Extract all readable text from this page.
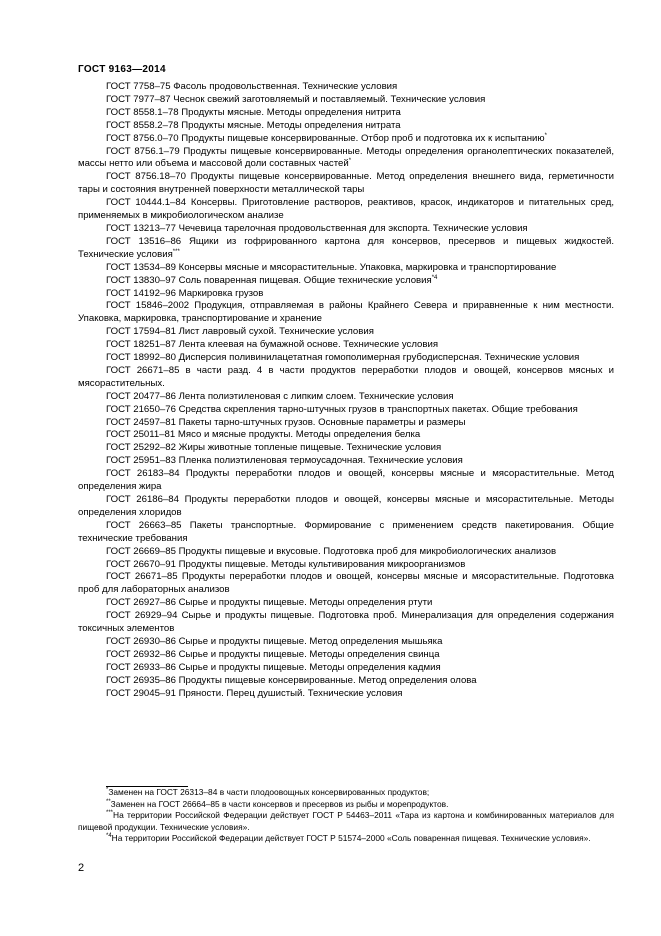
ГОСТ 9163—2014

ГОСТ 7758–75 Фасоль продовольственная. Технические условия

ГОСТ 7977–87 Чеснок свежий заготовляемый и поставляемый. Технические условия

ГОСТ 8558.1–78 Продукты мясные. Методы определения нитрита

ГОСТ 8558.2–78 Продукты мясные. Методы определения нитрата

ГОСТ 8756.0–70 Продукты пищевые консервированные. Отбор проб и подготовка их к испытанию*

ГОСТ 8756.1–79 Продукты пищевые консервированные. Методы определения органолептических показателей, массы нетто или объема и массовой доли составных частей*

ГОСТ 8756.18–70 Продукты пищевые консервированные. Метод определения внешнего вида, герметичности тары и состояния внутренней поверхности металлической тары

ГОСТ 10444.1–84 Консервы. Приготовление растворов, реактивов, красок, индикаторов и питательных сред, применяемых в микробиологическом анализе

ГОСТ 13213–77 Чечевица тарелочная продовольственная для экспорта. Технические условия

ГОСТ 13516–86 Ящики из гофрированного картона для консервов, пресервов и пищевых жидкостей. Технические условия***

ГОСТ 13534–89 Консервы мясные и мясорастительные. Упаковка, маркировка и транспортирование

ГОСТ 13830–97 Соль поваренная пищевая. Общие технические условия$^{*4}$

ГОСТ 14192–96 Маркировка грузов

ГОСТ 15846–2002 Продукция, отправляемая в районы Крайнего Севера и приравненные к ним местности. Упаковка, маркировка, транспортирование и хранение

ГОСТ 17594–81 Лист лавровый сухой. Технические условия

ГОСТ 18251–87 Лента клеевая на бумажной основе. Технические условия

ГОСТ 18992–80 Дисперсия поливинилацетатная гомополимерная грубодисперсная. Технические условия

ГОСТ 26671–85 в части разд. 4 в части продуктов переработки плодов и овощей, консервов мясных и мясорастительных.

ГОСТ 20477–86 Лента полиэтиленовая с липким слоем. Технические условия

ГОСТ 21650–76 Средства скрепления тарно-штучных грузов в транспортных пакетах. Общие требования

ГОСТ 24597–81 Пакеты тарно-штучных грузов. Основные параметры и размеры

ГОСТ 25011–81 Мясо и мясные продукты. Методы определения белка

ГОСТ 25292–82 Жиры животные топленые пищевые. Технические условия

ГОСТ 25951–83 Пленка полиэтиленовая термоусадочная. Технические условия

ГОСТ 26183–84 Продукты переработки плодов и овощей, консервы мясные и мясорастительные. Метод определения жира

ГОСТ 26186–84 Продукты переработки плодов и овощей, консервы мясные и мясорастительные. Методы определения хлоридов

ГОСТ 26663–85 Пакеты транспортные. Формирование с применением средств пакетирования. Общие технические требования

ГОСТ 26669–85 Продукты пищевые и вкусовые. Подготовка проб для микробиологических анализов

ГОСТ 26670–91 Продукты пищевые. Методы культивирования микроорганизмов

ГОСТ 26671–85 Продукты переработки плодов и овощей, консервы мясные и мясорастительные. Подготовка проб для лабораторных анализов

ГОСТ 26927–86 Сырье и продукты пищевые. Методы определения ртути

ГОСТ 26929–94 Сырье и продукты пищевые. Подготовка проб. Минерализация для определения содержания токсичных элементов

ГОСТ 26930–86 Сырье и продукты пищевые. Метод определения мышьяка

ГОСТ 26932–86 Сырье и продукты пищевые. Методы определения свинца

ГОСТ 26933–86 Сырье и продукты пищевые. Методы определения кадмия

ГОСТ 26935–86 Продукты пищевые консервированные. Метод определения олова

ГОСТ 29045–91 Пряности. Перец душистый. Технические условия

*Заменен на ГОСТ 26313–84 в части плодоовощных консервированных продуктов;

**Заменен на ГОСТ 26664–85 в части консервов и пресервов из рыбы и морепродуктов.

***На территории Российской Федерации действует ГОСТ Р 54463–2011 «Тара из картона и комбинированных материалов для пищевой продукции. Технические условия».

$^{*4}$На территории Российской Федерации действует ГОСТ Р 51574–2000 «Соль поваренная пищевая. Технические условия».

2
